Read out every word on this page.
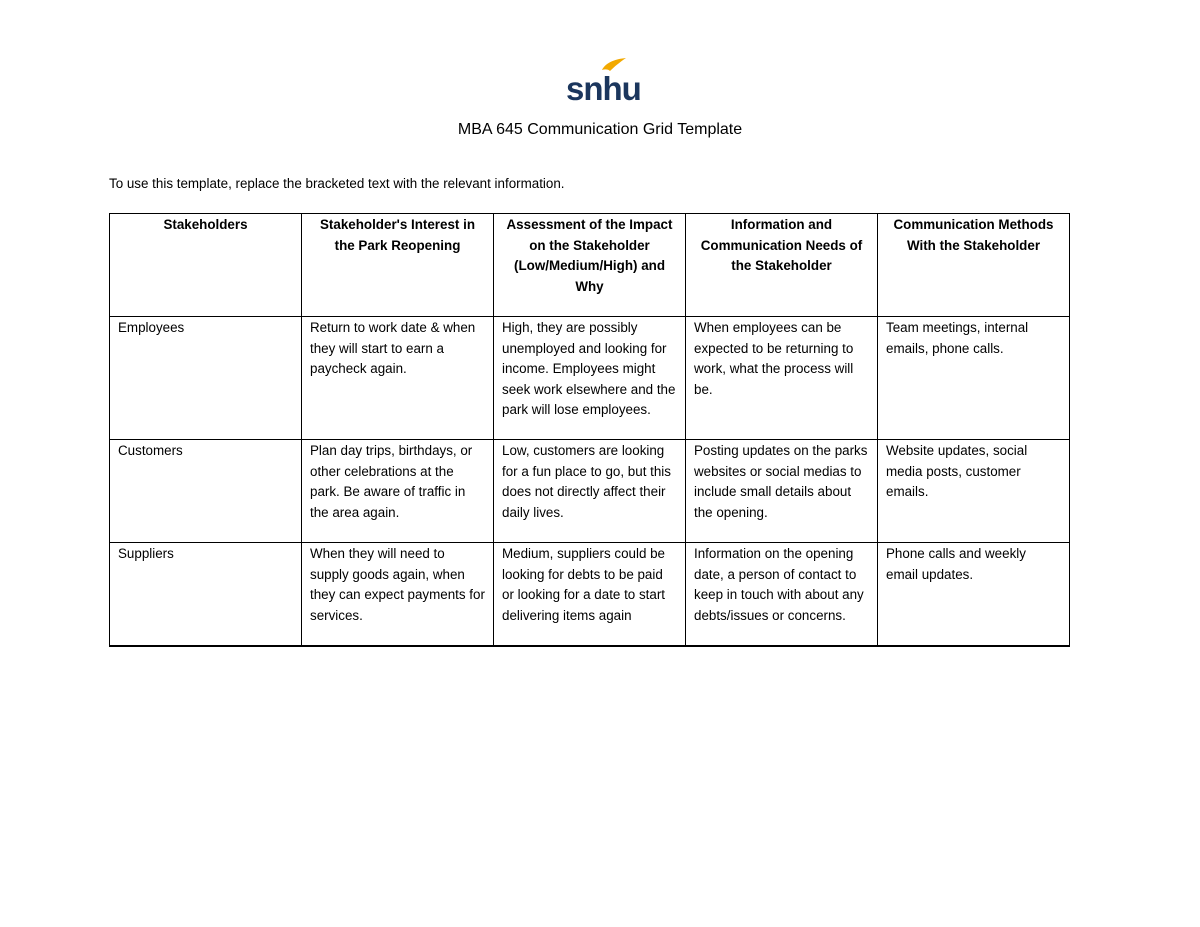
snhu
MBA 645 Communication Grid Template

To use this template, replace the bracketed text with the relevant information.

Stakeholders	Stakeholder's Interest in the Park Reopening	Assessment of the Impact on the Stakeholder (Low/Medium/High) and Why	Information and Communication Needs of the Stakeholder	Communication Methods With the Stakeholder
Employees	Return to work date & when they will start to earn a paycheck again.	High, they are possibly unemployed and looking for income. Employees might seek work elsewhere and the park will lose employees.	When employees can be expected to be returning to work, what the process will be.	Team meetings, internal emails, phone calls.
Customers	Plan day trips, birthdays, or other celebrations at the park. Be aware of traffic in the area again.	Low, customers are looking for a fun place to go, but this does not directly affect their daily lives.	Posting updates on the parks websites or social medias to include small details about the opening.	Website updates, social media posts, customer emails.
Suppliers	When they will need to supply goods again, when they can expect payments for services.	Medium, suppliers could be looking for debts to be paid or looking for a date to start delivering items again	Information on the opening date, a person of contact to keep in touch with about any debts/issues or concerns.	Phone calls and weekly email updates.
